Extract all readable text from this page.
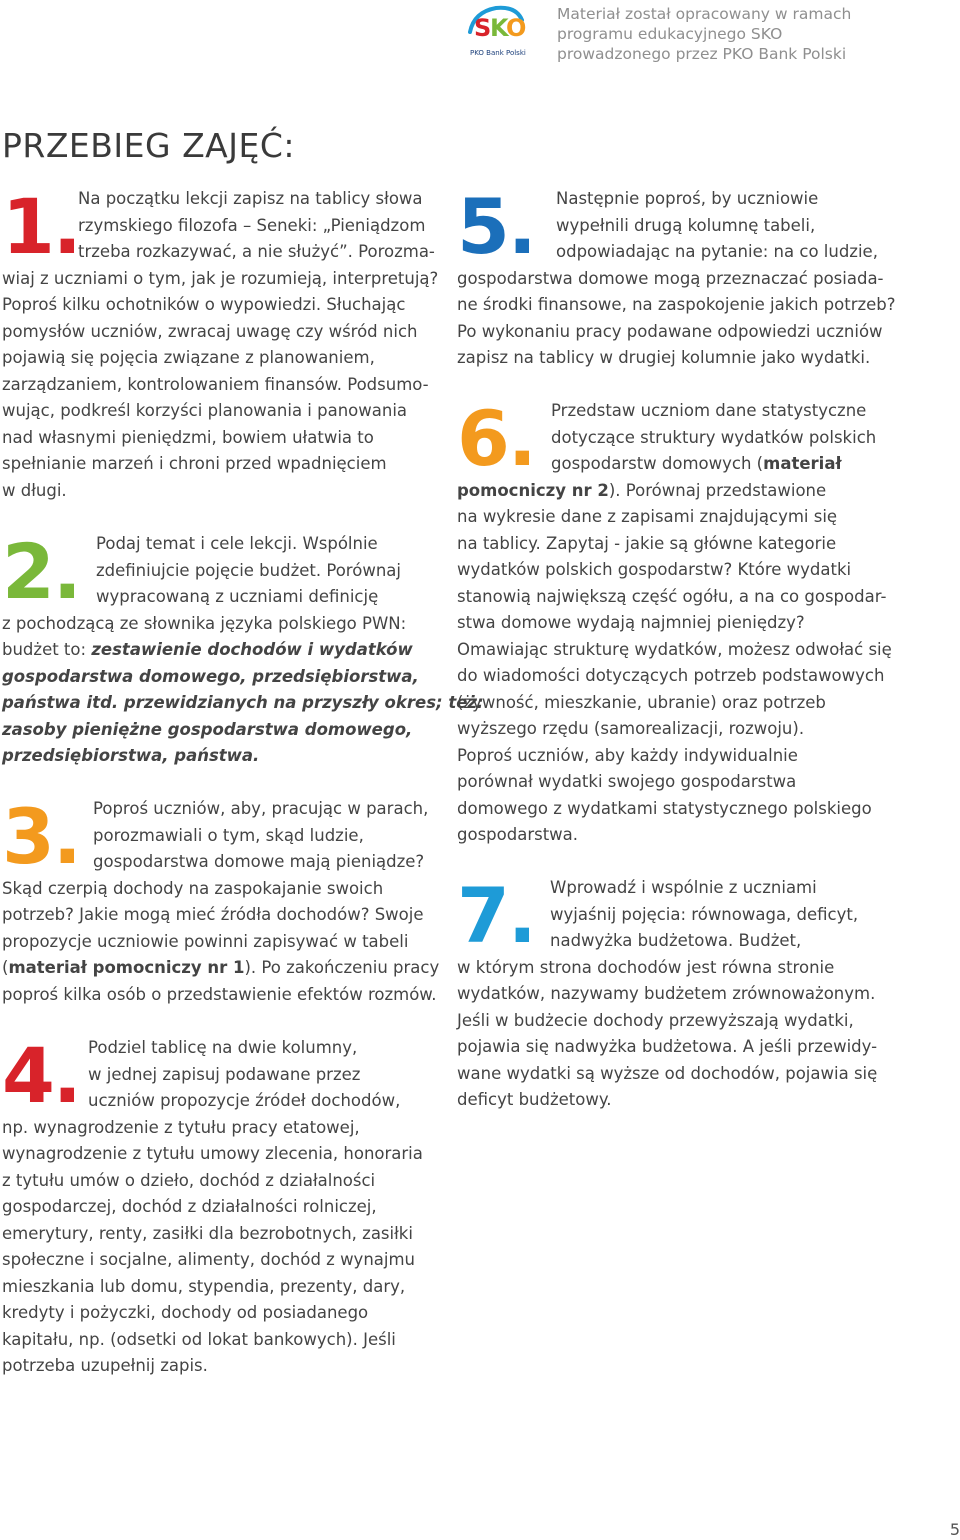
S
K
O
PKO Bank Polski
Materiał został opracowany w ramach
programu edukacyjnego SKO
prowadzonego przez PKO Bank Polski
PRZEBIEG ZAJĘĆ:
1.
Na początku lekcji zapisz na tablicy słowa
rzymskiego filozofa – Seneki: „Pieniądzom
trzeba rozkazywać, a nie służyć”. Porozma-
wiaj z uczniami o tym, jak je rozumieją, interpretują?
Poproś kilku ochotników o wypowiedzi. Słuchając
pomysłów uczniów, zwracaj uwagę czy wśród nich
pojawią się pojęcia związane z planowaniem,
zarządzaniem, kontrolowaniem finansów. Podsumo-
wując, podkreśl korzyści planowania i panowania
nad własnymi pieniędzmi, bowiem ułatwia to
spełnianie marzeń i chroni przed wpadnięciem
w długi.
2. Podaj temat i cele lekcji. Wspólnie
zdefiniujcie pojęcie budżet. Porównaj
wypracowaną z uczniami definicję
z pochodzącą ze słownika języka polskiego PWN:
budżet to: zestawienie dochodów i wydatków
gospodarstwa domowego, przedsiębiorstwa,
państwa itd. przewidzianych na przyszły okres; też:
zasoby pieniężne gospodarstwa domowego,
przedsiębiorstwa, państwa.
3. Poproś uczniów, aby, pracując w parach,
porozmawiali o tym, skąd ludzie,
gospodarstwa domowe mają pieniądze?
Skąd czerpią dochody na zaspokajanie swoich
potrzeb? Jakie mogą mieć źródła dochodów? Swoje
propozycje uczniowie powinni zapisywać w tabeli
(materiał pomocniczy nr 1). Po zakończeniu pracy
poproś kilka osób o przedstawienie efektów rozmów.
4. Podziel tablicę na dwie kolumny,
w jednej zapisuj podawane przez
uczniów propozycje źródeł dochodów,
np. wynagrodzenie z tytułu pracy etatowej,
wynagrodzenie z tytułu umowy zlecenia, honoraria
z tytułu umów o dzieło, dochód z działalności
gospodarczej, dochód z działalności rolniczej,
emerytury, renty, zasiłki dla bezrobotnych, zasiłki
społeczne i socjalne, alimenty, dochód z wynajmu
mieszkania lub domu, stypendia, prezenty, dary,
kredyty i pożyczki, dochody od posiadanego
kapitału, np. (odsetki od lokat bankowych). Jeśli
potrzeba uzupełnij zapis.
5.	Następnie poproś, by uczniowie
wypełnili drugą kolumnę tabeli,
odpowiadając na pytanie: na co ludzie,
gospodarstwa domowe mogą przeznaczać posiada-
ne środki finansowe, na zaspokojenie jakich potrzeb?
Po wykonaniu pracy podawane odpowiedzi uczniów
zapisz na tablicy w drugiej kolumnie jako wydatki.
6. Przedstaw uczniom dane statystyczne
dotyczące struktury wydatków polskich
gospodarstw domowych (materiał
pomocniczy nr 2). Porównaj przedstawione
na wykresie dane z zapisami znajdującymi się
na tablicy. Zapytaj - jakie są główne kategorie
wydatków polskich gospodarstw? Które wydatki
stanowią największą część ogółu, a na co gospodar-
stwa domowe wydają najmniej pieniędzy?
Omawiając strukturę wydatków, możesz odwołać się
do wiadomości dotyczących potrzeb podstawowych
(żywność, mieszkanie, ubranie) oraz potrzeb
wyższego rzędu (samorealizacji, rozwoju).
Poproś uczniów, aby każdy indywidualnie
porównał wydatki swojego gospodarstwa
domowego z wydatkami statystycznego polskiego
gospodarstwa.
7. Wprowadź i wspólnie z uczniami
wyjaśnij pojęcia: równowaga, deficyt,
nadwyżka budżetowa. Budżet,
w którym strona dochodów jest równa stronie
wydatków, nazywamy budżetem zrównoważonym.
Jeśli w budżecie dochody przewyższają wydatki,
pojawia się nadwyżka budżetowa. A jeśli przewidy-
wane wydatki są wyższe od dochodów, pojawia się
deficyt budżetowy.
5
